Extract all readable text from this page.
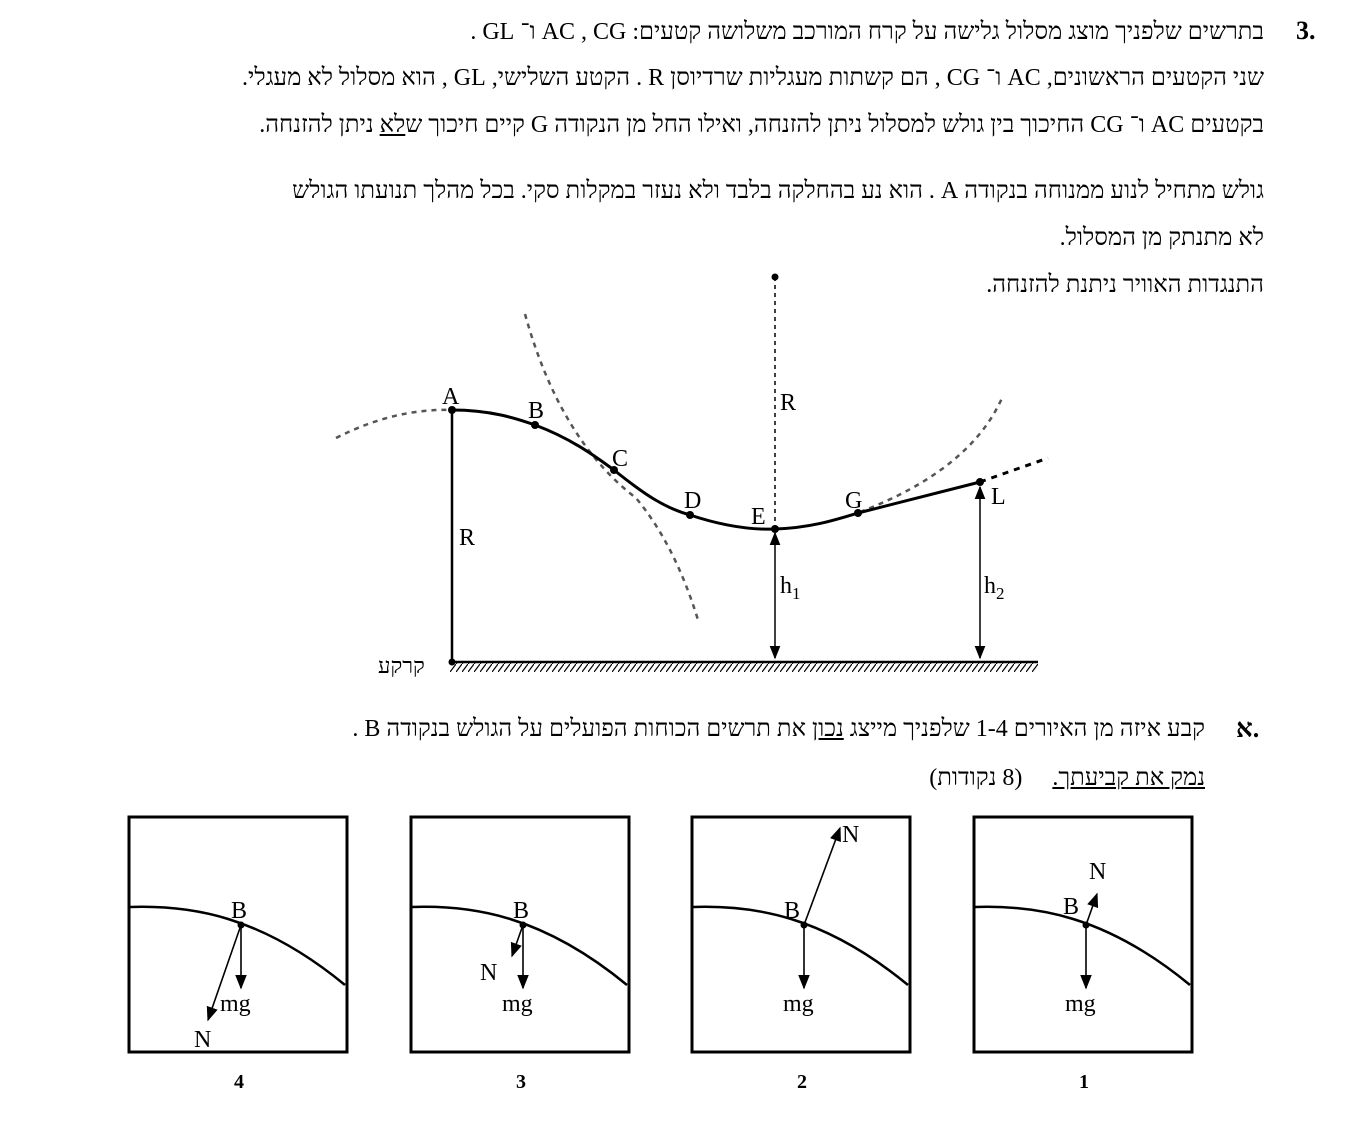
3.
בתרשים שלפניך מוצג מסלול גלישה על קרח המורכב משלושה קטעים: AC , CG ו־ GL .
שני הקטעים הראשונים, AC ו־ CG , הם קשתות מעגליות שרדיוסן R . הקטע השלישי, GL , הוא מסלול לא מעגלי.
בקטעים AC ו־ CG החיכוך בין גולש למסלול ניתן להזנחה, ואילו החל מן הנקודה G קיים חיכוך שלא ניתן להזנחה.
גולש מתחיל לנוע ממנוחה בנקודה A . הוא נע בהחלקה בלבד ולא נעזר במקלות סקי. בכל מהלך תנועתו הגולש
לא מתנתק מן המסלול.
התנגדות האוויר ניתנת להזנחה.
א.
קבע איזה מן האיורים 1-4 שלפניך מייצג נכון את תרשים הכוחות הפועלים על הגולש בנקודה B .
נמק את קביעתך.     (8 נקודות)
A
B
C
D
E
G	L
R
R
$h_1$	$h_2$
קרקע
B
mg
N
4
B
mg
N
3
B
mg
N
2
B
mg
N
1
